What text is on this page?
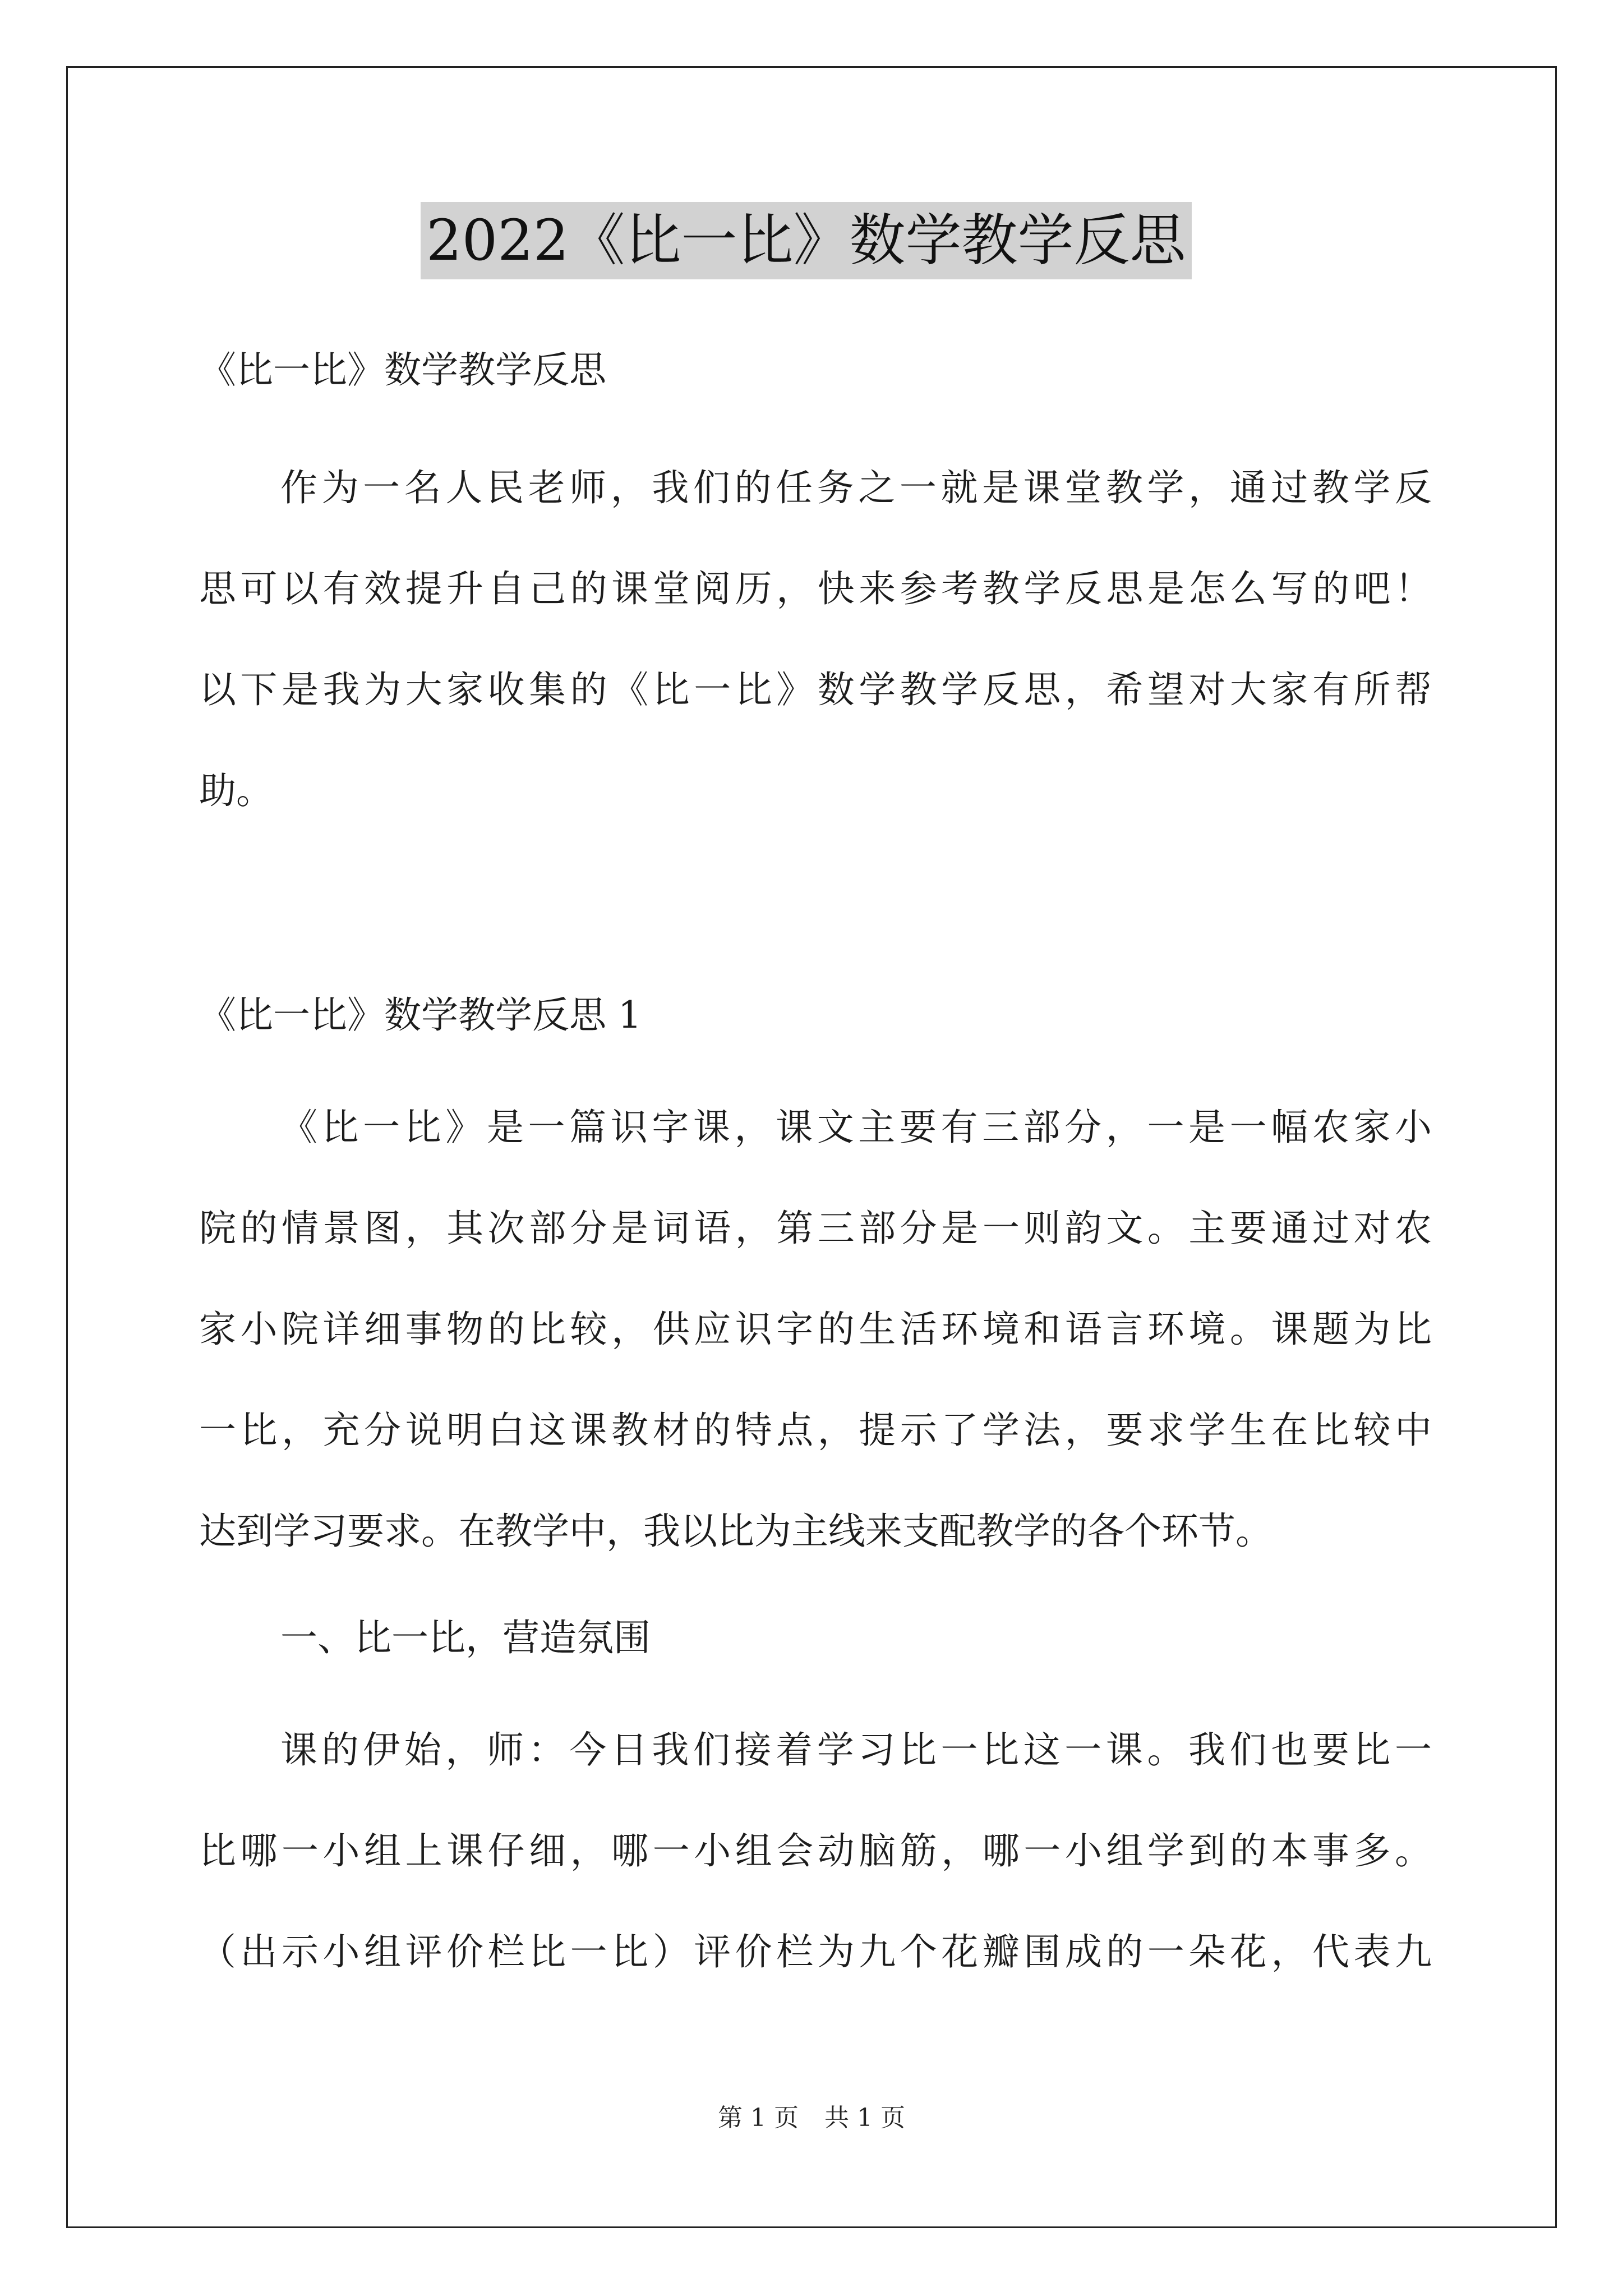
2022《比一比》数学教学反思
《比一比》数学教学反思
作为一名人民老师，我们的任务之一就是课堂教学，通过教学反
思可以有效提升自己的课堂阅历，快来参考教学反思是怎么写的吧！
以下是我为大家收集的《比一比》数学教学反思，希望对大家有所帮
助。
《比一比》数学教学反思 1
《比一比》是一篇识字课，课文主要有三部分，一是一幅农家小
院的情景图，其次部分是词语，第三部分是一则韵文。主要通过对农
家小院详细事物的比较，供应识字的生活环境和语言环境。课题为比
一比，充分说明白这课教材的特点，提示了学法，要求学生在比较中
达到学习要求。在教学中，我以比为主线来支配教学的各个环节。
一、比一比，营造氛围
课的伊始，师：今日我们接着学习比一比这一课。我们也要比一
比哪一小组上课仔细，哪一小组会动脑筋，哪一小组学到的本事多。
（出示小组评价栏比一比）评价栏为九个花瓣围成的一朵花，代表九
第 1 页 共 1 页
